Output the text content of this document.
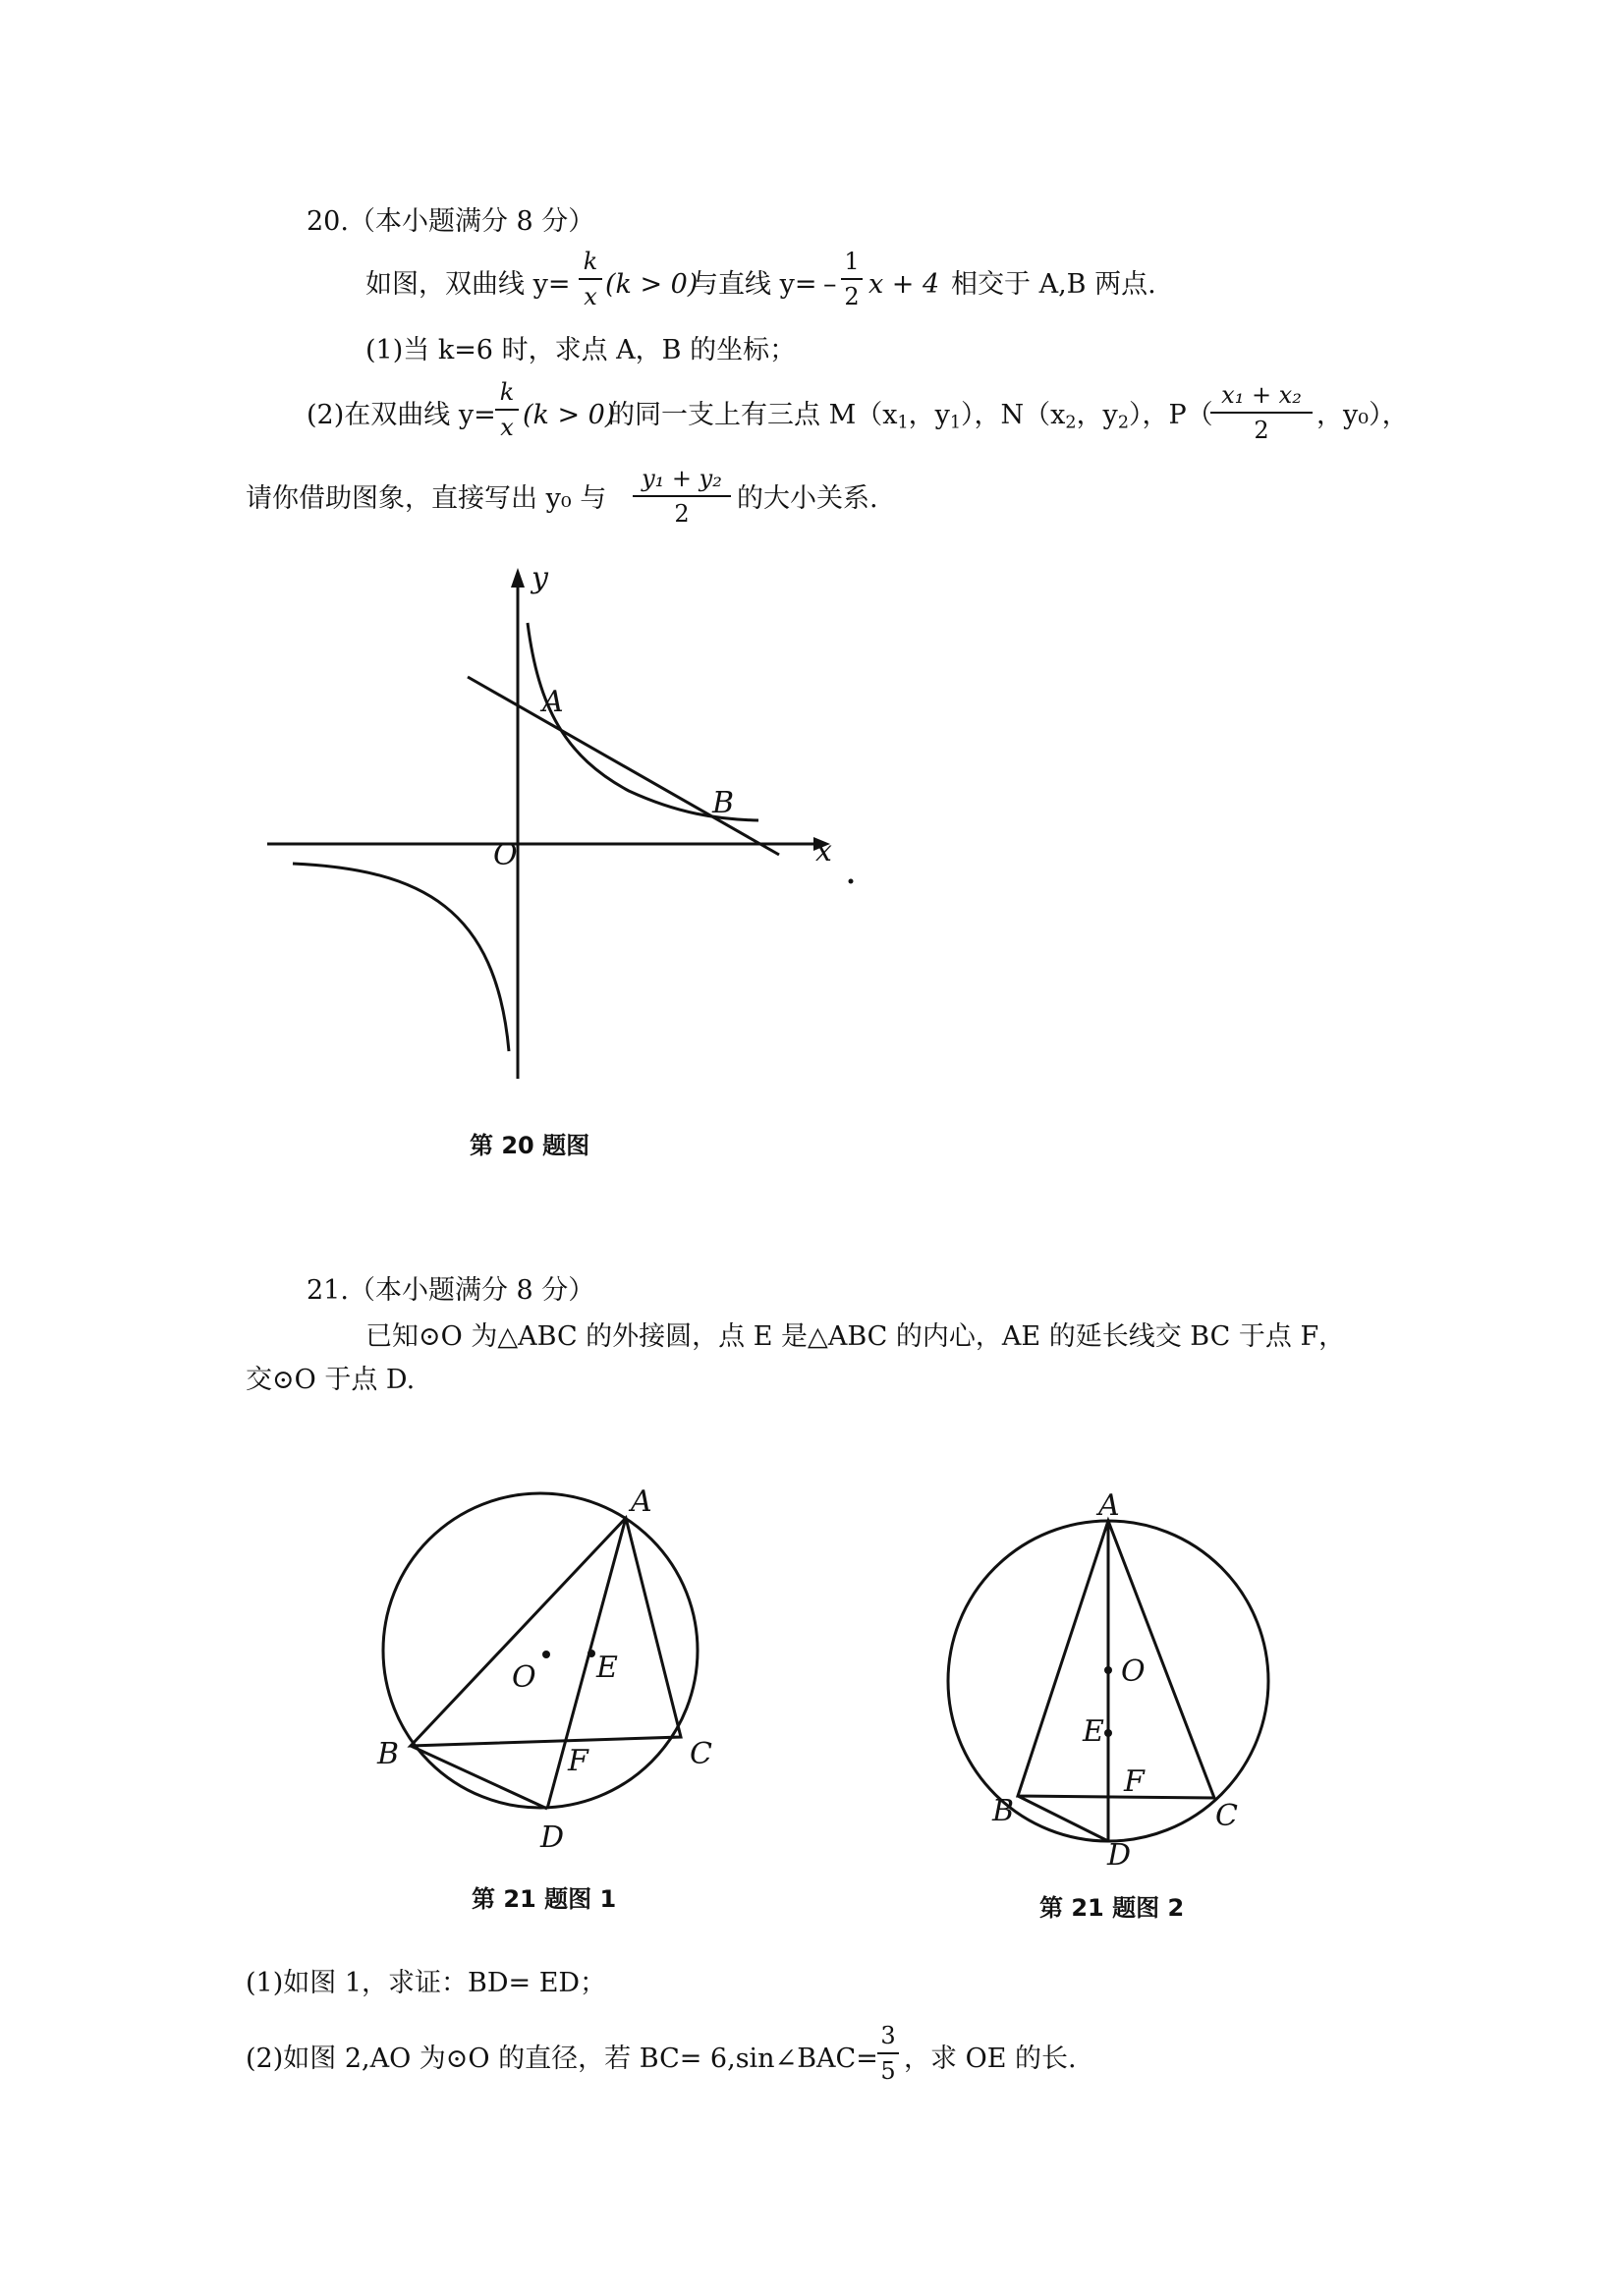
20.（本小题满分 8 分）
如图，双曲线 y=
k
x (k > 0)
与直线 y= –
1
2 x + 4 相交于 A,B 两点.
(1)当 k=6 时，求点 A，B 的坐标；
(2)在双曲线 y=
k
x (k > 0)
的同一支上有三点 $M(x_1$，$y_1$），$N(x_2$，$y_2$），P（
x₁ + x₂
2	，y₀），
请你借助图象，直接写出 y₀ 与
y₁ + y₂
2	的大小关系.
y
x
O
A
B
第 20 题图
21.（本小题满分 8 分）
已知⊙O 为△ABC 的外接圆，点 E 是△ABC 的内心，AE 的延长线交 BC 于点 F，
交⊙O 于点 D.
A
B	C
D
E
F
O
第 21 题图 1
A
B	C
D
E
F
O
第 21 题图 2
(1)如图 1，求证：BD= ED；
(2)如图 2,AO 为⊙O 的直径，若 BC= 6,sin∠BAC=
3
5 ，求 OE 的长.
